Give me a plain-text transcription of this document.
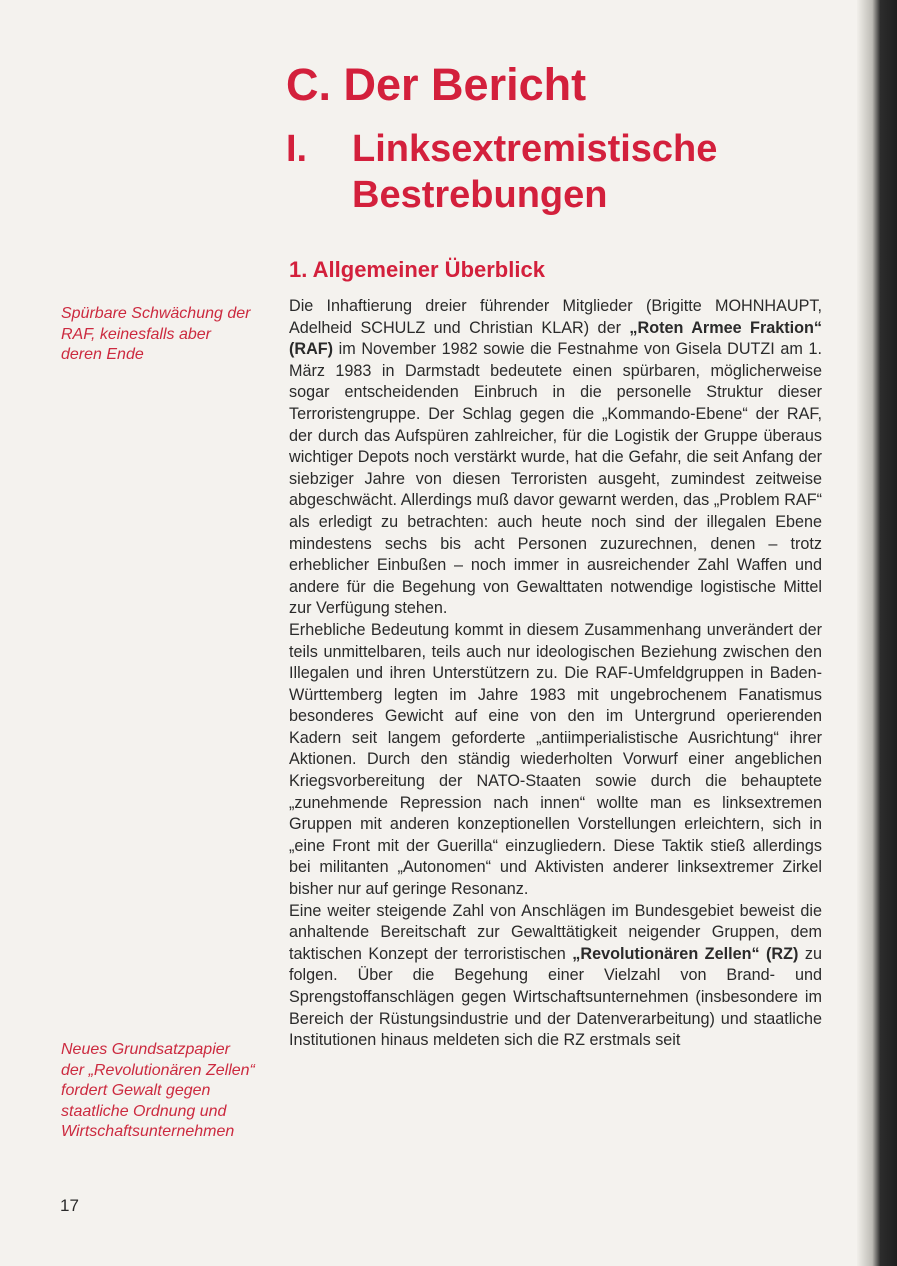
C. Der Bericht
I.	Linksextremistische Bestrebungen
1. Allgemeiner Überblick

Spürbare Schwächung der RAF, keinesfalls aber deren Ende

Neues Grundsatzpapier der „Revolutionären Zellen“ fordert Gewalt gegen staatliche Ordnung und Wirtschaftsunternehmen

Die Inhaftierung dreier führender Mitglieder (Brigitte MOHNHAUPT, Adelheid SCHULZ und Christian KLAR) der „Roten Armee Fraktion“ (RAF) im November 1982 sowie die Festnahme von Gisela DUTZI am 1. März 1983 in Darmstadt bedeutete einen spürbaren, möglicherweise sogar entscheidenden Einbruch in die personelle Struktur dieser Terroristengruppe. Der Schlag gegen die „Kommando-Ebene“ der RAF, der durch das Aufspüren zahlreicher, für die Logistik der Gruppe überaus wichtiger Depots noch verstärkt wurde, hat die Gefahr, die seit Anfang der siebziger Jahre von diesen Terroristen ausgeht, zumindest zeitweise abgeschwächt. Allerdings muß davor gewarnt werden, das „Problem RAF“ als erledigt zu betrachten: auch heute noch sind der illegalen Ebene mindestens sechs bis acht Personen zuzurechnen, denen – trotz erheblicher Einbußen – noch immer in ausreichender Zahl Waffen und andere für die Begehung von Gewalttaten notwendige logistische Mittel zur Verfügung stehen.

Erhebliche Bedeutung kommt in diesem Zusammenhang unverändert der teils unmittelbaren, teils auch nur ideologischen Beziehung zwischen den Illegalen und ihren Unterstützern zu. Die RAF-Umfeldgruppen in Baden-Württemberg legten im Jahre 1983 mit ungebrochenem Fanatismus besonderes Gewicht auf eine von den im Untergrund operierenden Kadern seit langem geforderte „antiimperialistische Ausrichtung“ ihrer Aktionen. Durch den ständig wiederholten Vorwurf einer angeblichen Kriegsvorbereitung der NATO-Staaten sowie durch die behauptete „zunehmende Repression nach innen“ wollte man es linksextremen Gruppen mit anderen konzeptionellen Vorstellungen erleichtern, sich in „eine Front mit der Guerilla“ einzugliedern. Diese Taktik stieß allerdings bei militanten „Autonomen“ und Aktivisten anderer linksextremer Zirkel bisher nur auf geringe Resonanz.

Eine weiter steigende Zahl von Anschlägen im Bundesgebiet beweist die anhaltende Bereitschaft zur Gewalttätigkeit neigender Gruppen, dem taktischen Konzept der terroristischen „Revolutionären Zellen“ (RZ) zu folgen. Über die Begehung einer Vielzahl von Brand- und Sprengstoffanschlägen gegen Wirtschaftsunternehmen (insbesondere im Bereich der Rüstungsindustrie und der Datenverarbeitung) und staatliche Institutionen hinaus meldeten sich die RZ erstmals seit

17
